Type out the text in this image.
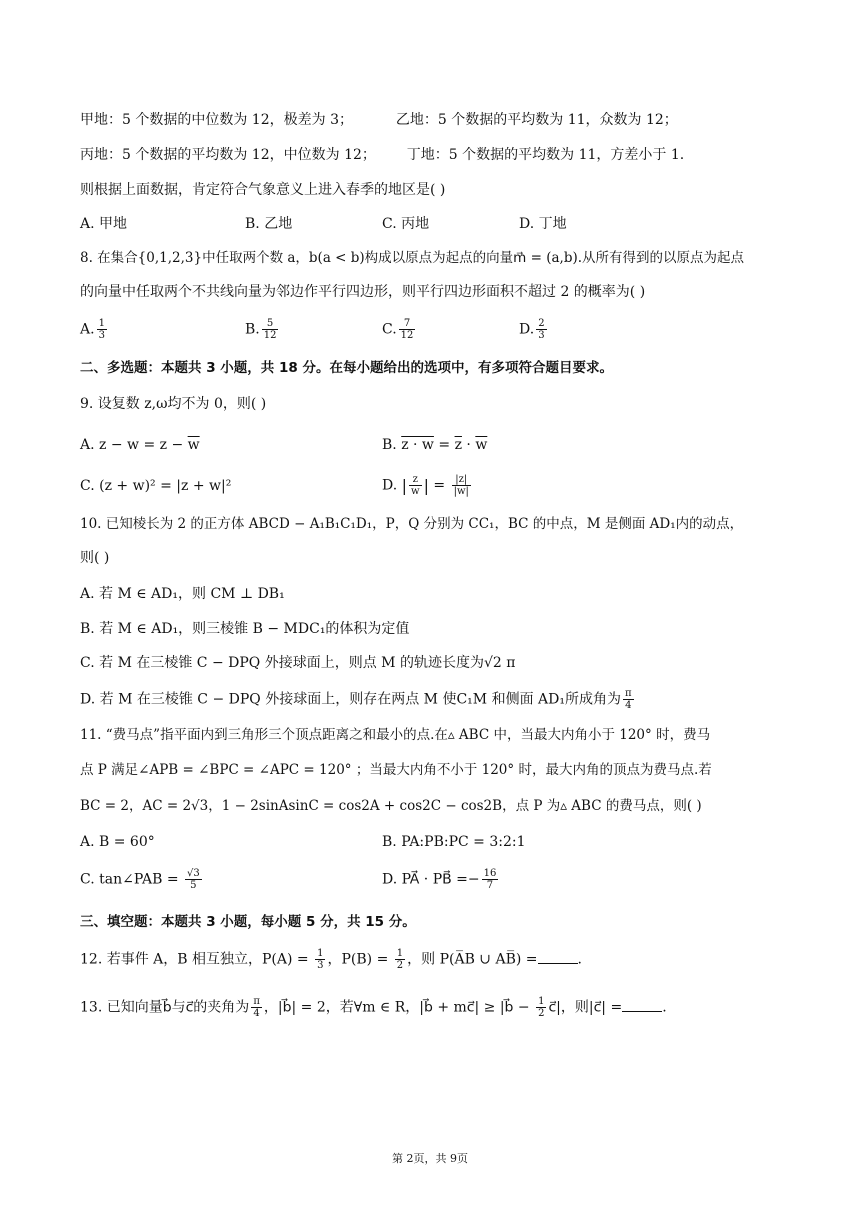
甲地：5 个数据的中位数为 12，极差为 3；	乙地：5 个数据的平均数为 11，众数为 12；
丙地：5 个数据的平均数为 12，中位数为 12； 丁地：5 个数据的平均数为 11，方差小于 1.
则根据上面数据，肯定符合气象意义上进入春季的地区是( )
A. 甲地	B. 乙地	C. 丙地	D. 丁地
8. 在集合{0,1,2,3}中任取两个数 a，b(a < b)构成以原点为起点的向量m⃗ = (a,b).从所有得到的以原点为起点
的向量中任取两个不共线向量为邻边作平行四边形，则平行四边形面积不超过 2 的概率为( )
A. $\frac{1}{3}$	B. $\frac{5}{12}$	C. $\frac{7}{12}$	D. $\frac{2}{3}$
二、多选题：本题共 3 小题，共 18 分。在每小题给出的选项中，有多项符合题目要求。
9. 设复数 z,ω均不为 0，则( )
A. $z - w = z - \overline{w}$	B. $z \cdot w = \overline{z} \cdot \overline{w}$
C. (z + w)² = |z + w|²	D. | $\frac{z}{w}$ | = $\frac{|z|}{|w|}$
10. 已知棱长为 2 的正方体 ABCD − A₁B₁C₁D₁，P，Q 分别为 CC₁，BC 的中点，M 是侧面 AD₁内的动点，
则( )
A. 若 M ∈ AD₁，则 CM ⊥ DB₁
B. 若 M ∈ AD₁，则三棱锥 B − MDC₁的体积为定值
C. 若 M 在三棱锥 C − DPQ 外接球面上，则点 M 的轨迹长度为√2 π
D. 若 M 在三棱锥 C − DPQ 外接球面上，则存在两点 M 使C₁M 和侧面 AD₁所成角为 $\frac{\pi}{4}$
11. “费马点”指平面内到三角形三个顶点距离之和最小的点.在▵ ABC 中，当最大内角小于 120° 时，费马
点 P 满足∠APB = ∠BPC = ∠APC = 120° ；当最大内角不小于 120° 时，最大内角的顶点为费马点.若
BC = 2，AC = 2√3，1 − 2sinAsinC = cos2A + cos2C − cos2B，点 P 为▵ ABC 的费马点，则( )
A. B = 60°	B. PA:PB:PC = 3:2:1
C. tan∠PAB = $\frac{√3}{5}$	D. PA⃗ · PB⃗ =− $\frac{16}{7}$
三、填空题：本题共 3 小题，每小题 5 分，共 15 分。
12. 若事件 A，B 相互独立，$P(A) = \frac{1}{3}$ ，$P(B) = \frac{1}{2}$ ，则 P(A̅B ∪ AB̅) =	.
13. 已知向量b⃗与c⃗的夹角为 $\frac{\pi}{4}$ ，|b⃗| = 2，若∀m ∈ R，|b⃗ + mc⃗| ≥ |b⃗ − $\frac{1}{2}$ c⃗|，则|c⃗| =	.
第 2页，共 9页
